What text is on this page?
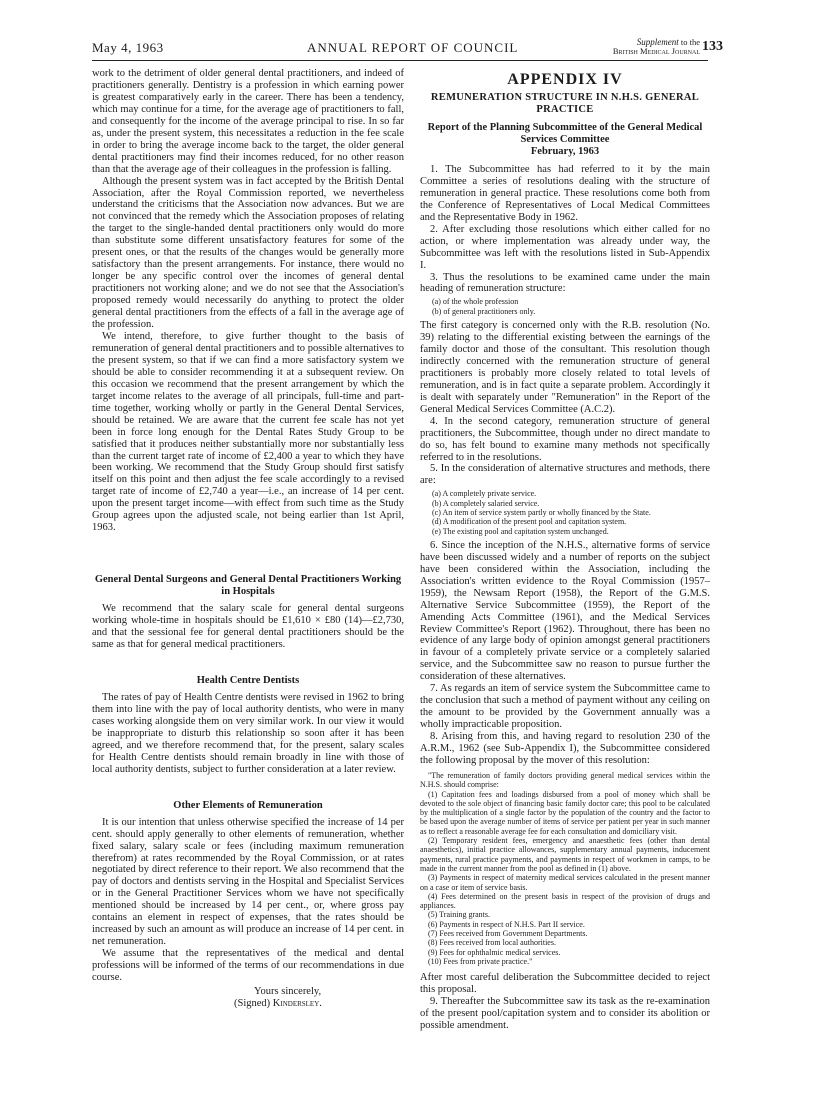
May 4, 1963	ANNUAL REPORT OF COUNCIL	Supplement to the
British Medical Journal 133

work to the detriment of older general dental practitioners, and indeed of practitioners generally. Dentistry is a profession in which earning power is greatest comparatively early in the career. There has been a tendency, which may continue for a time, for the average age of practitioners to fall, and consequently for the income of the average principal to rise. In so far as, under the present system, this necessitates a reduction in the fee scale in order to bring the average income back to the target, the older general dental practitioners may find their incomes reduced, for no other reason than that the average age of their colleagues in the profession is falling.

Although the present system was in fact accepted by the British Dental Association, after the Royal Commission reported, we nevertheless understand the criticisms that the Association now advances. But we are not convinced that the remedy which the Association proposes of relating the target to the single-handed dental practitioners only would do more than substitute some different unsatisfactory features for some of the present ones, or that the results of the changes would be generally more satisfactory than the present arrangements. For instance, there would no longer be any specific control over the incomes of general dental practitioners not working alone; and we do not see that the Association's proposed remedy would necessarily do anything to protect the older general dental practitioners from the effects of a fall in the average age of the profession.

We intend, therefore, to give further thought to the basis of remuneration of general dental practitioners and to possible alternatives to the present system, so that if we can find a more satisfactory system we should be able to consider recommending it at a subsequent review. On this occasion we recommend that the present arrangement by which the target income relates to the average of all principals, full-time and part-time together, working wholly or partly in the General Dental Services, should be retained. We are aware that the current fee scale has not yet been in force long enough for the Dental Rates Study Group to be satisfied that it produces neither substantially more nor substantially less than the current target rate of income of £2,400 a year to which they have been working. We recommend that the Study Group should first satisfy itself on this point and then adjust the fee scale accordingly to a revised target rate of income of £2,740 a year—i.e., an increase of 14 per cent. upon the present target income—with effect from such time as the Study Group agrees upon the adjusted scale, not being earlier than 1st April, 1963.

General Dental Surgeons and General Dental Practitioners Working in Hospitals

We recommend that the salary scale for general dental surgeons working whole-time in hospitals should be £1,610 × £80 (14)—£2,730, and that the sessional fee for general dental practitioners should be the same as that for general medical practitioners.

Health Centre Dentists

The rates of pay of Health Centre dentists were revised in 1962 to bring them into line with the pay of local authority dentists, who were in many cases working alongside them on very similar work. In our view it would be inappropriate to disturb this relationship so soon after it has been agreed, and we therefore recommend that, for the present, salary scales for Health Centre dentists should remain broadly in line with those of local authority dentists, subject to further consideration at a later review.

Other Elements of Remuneration

It is our intention that unless otherwise specified the increase of 14 per cent. should apply generally to other elements of remuneration, whether fixed salary, salary scale or fees (including maximum remuneration therefrom) at rates recommended by the Royal Commission, or at rates negotiated by direct reference to their report. We also recommend that the pay of doctors and dentists serving in the Hospital and Specialist Services or in the General Practitioner Services whom we have not specifically mentioned should be increased by 14 per cent., or, where gross pay contains an element in respect of expenses, that the rates should be increased by such an amount as will produce an increase of 14 per cent. in net remuneration.

We assume that the representatives of the medical and dental professions will be informed of the terms of our recommendations in due course.

Yours sincerely,
(Signed) Kindersley.
APPENDIX IV
REMUNERATION STRUCTURE IN N.H.S. GENERAL PRACTICE
Report of the Planning Subcommittee of the General Medical Services Committee
February, 1963

1. The Subcommittee has had referred to it by the main Committee a series of resolutions dealing with the structure of remuneration in general practice. These resolutions come both from the Conference of Representatives of Local Medical Committees and the Representative Body in 1962.

2. After excluding those resolutions which either called for no action, or where implementation was already under way, the Subcommittee was left with the resolutions listed in Sub-Appendix I.

3. Thus the resolutions to be examined came under the main heading of remuneration structure:

(a) of the whole profession
(b) of general practitioners only.

The first category is concerned only with the R.B. resolution (No. 39) relating to the differential existing between the earnings of the family doctor and those of the consultant. This resolution though indirectly concerned with the remuneration structure of general practitioners is probably more closely related to total levels of remuneration, and is in fact quite a separate problem. Accordingly it is dealt with separately under "Remuneration" in the Report of the General Medical Services Committee (A.C.2).

4. In the second category, remuneration structure of general practitioners, the Subcommittee, though under no direct mandate to do so, has felt bound to examine many methods not specifically referred to in the resolutions.

5. In the consideration of alternative structures and methods, there are:

(a) A completely private service.
(b) A completely salaried service.
(c) An item of service system partly or wholly financed by the State.
(d) A modification of the present pool and capitation system.
(e) The existing pool and capitation system unchanged.

6. Since the inception of the N.H.S., alternative forms of service have been discussed widely and a number of reports on the subject have been considered within the Association, including the Association's written evidence to the Royal Commission (1957–1959), the Newsam Report (1958), the Report of the G.M.S. Alternative Service Subcommittee (1959), the Report of the Amending Acts Committee (1961), and the Medical Services Review Committee's Report (1962). Throughout, there has been no evidence of any large body of opinion amongst general practitioners in favour of a completely private service or a completely salaried service, and the Subcommittee saw no reason to pursue further the consideration of these alternatives.

7. As regards an item of service system the Subcommittee came to the conclusion that such a method of payment without any ceiling on the amount to be provided by the Government annually was a wholly impracticable proposition.

8. Arising from this, and having regard to resolution 230 of the A.R.M., 1962 (see Sub-Appendix I), the Subcommittee considered the following proposal by the mover of this resolution:

"The remuneration of family doctors providing general medical services within the N.H.S. should comprise:
(1) Capitation fees and loadings disbursed from a pool of money which shall be devoted to the sole object of financing basic family doctor care; this pool to be calculated by the multiplication of a single factor by the population of the country and the factor to be based upon the average number of items of service per patient per year in such manner as to reflect a reasonable average fee for each consultation and domiciliary visit.
(2) Temporary resident fees, emergency and anaesthetic fees (other than dental anaesthetics), initial practice allowances, supplementary annual payments, inducement payments, rural practice payments, and payments in respect of workmen in camps, to be made in the current manner from the pool as defined in (1) above.
(3) Payments in respect of maternity medical services calculated in the present manner on a case or item of service basis.
(4) Fees determined on the present basis in respect of the provision of drugs and appliances.
(5) Training grants.
(6) Payments in respect of N.H.S. Part II service.
(7) Fees received from Government Departments.
(8) Fees received from local authorities.
(9) Fees for ophthalmic medical services.
(10) Fees from private practice."

After most careful deliberation the Subcommittee decided to reject this proposal.

9. Thereafter the Subcommittee saw its task as the re-examination of the present pool/capitation system and to consider its abolition or possible amendment.
